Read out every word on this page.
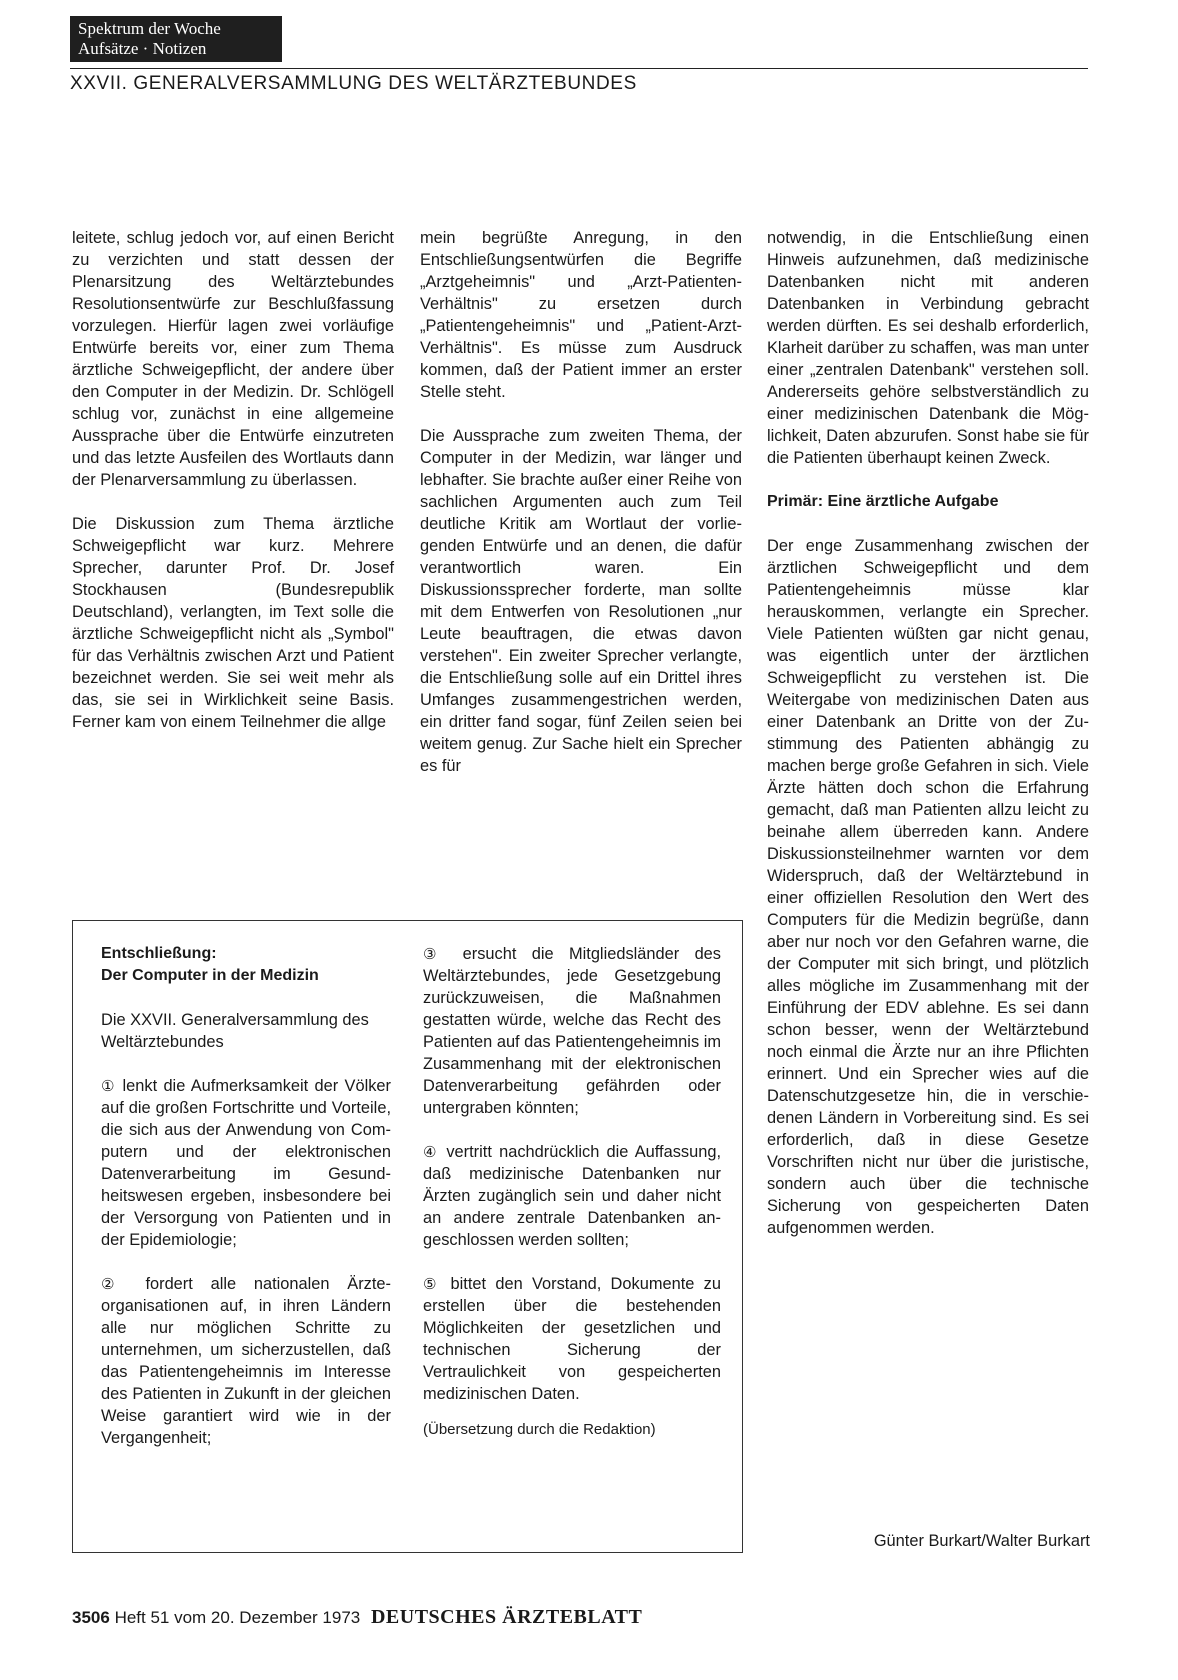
Spektrum der Woche
Aufsätze · Notizen
XXVII. GENERALVERSAMMLUNG DES WELTÄRZTEBUNDES

leitete, schlug jedoch vor, auf einen Bericht zu verzichten und statt dessen der Plenarsitzung des Weltärztebundes Resolutionsentwürfe zur Beschlußfassung vorzulegen. Hierfür lagen zwei vorläufige Entwürfe bereits vor, einer zum Thema ärztliche Schweigepflicht, der andere über den Computer in der Medizin. Dr. Schlögell schlug vor, zunächst in eine allgemeine Aussprache über die Entwürfe einzutreten und das letzte Ausfeilen des Wortlauts dann der Plenarversammlung zu überlassen.

Die Diskussion zum Thema ärztliche Schweigepflicht war kurz. Mehrere Sprecher, darunter Prof. Dr. Josef Stockhausen (Bundesrepublik Deutschland), verlangten, im Text solle die ärztliche Schweigepflicht nicht als „Symbol" für das Verhältnis zwischen Arzt und Patient bezeichnet werden. Sie sei weit mehr als das, sie sei in Wirklichkeit seine Basis. Ferner kam von einem Teilnehmer die allge

mein begrüßte Anregung, in den Entschließungsentwürfen die Begriffe „Arztgeheimnis" und „Arzt-Patienten-Verhältnis" zu ersetzen durch „Patientengeheimnis" und „Patient-Arzt-Verhältnis". Es müsse zum Ausdruck kommen, daß der Patient immer an erster Stelle steht.

Die Aussprache zum zweiten Thema, der Computer in der Medizin, war länger und lebhafter. Sie brachte außer einer Reihe von sachlichen Argumenten auch zum Teil deutliche Kritik am Wortlaut der vorliegenden Entwürfe und an denen, die dafür verantwortlich waren. Ein Diskussionssprecher forderte, man sollte mit dem Entwerfen von Resolutionen „nur Leute beauftragen, die etwas davon verstehen". Ein zweiter Sprecher verlangte, die Entschließung solle auf ein Drittel ihres Umfanges zusammengestrichen werden, ein dritter fand sogar, fünf Zeilen seien bei weitem genug. Zur Sache hielt ein Sprecher es für

notwendig, in die Entschließung einen Hinweis aufzunehmen, daß medizinische Datenbanken nicht mit anderen Datenbanken in Verbindung gebracht werden dürften. Es sei deshalb erforderlich, Klarheit darüber zu schaffen, was man unter einer „zentralen Datenbank" verstehen soll. Andererseits gehöre selbstverständlich zu einer medizinischen Datenbank die Möglichkeit, Daten abzurufen. Sonst habe sie für die Patienten überhaupt keinen Zweck.

Primär: Eine ärztliche Aufgabe

Der enge Zusammenhang zwischen der ärztlichen Schweigepflicht und dem Patientengeheimnis müsse klar herauskommen, verlangte ein Sprecher. Viele Patienten wüßten gar nicht genau, was eigentlich unter der ärztlichen Schweigepflicht zu verstehen ist. Die Weitergabe von medizinischen Daten aus einer Datenbank an Dritte von der Zustimmung des Patienten abhängig zu machen berge große Gefahren in sich. Viele Ärzte hätten doch schon die Erfahrung gemacht, daß man Patienten allzu leicht zu beinahe allem überreden kann. Andere Diskussionsteilnehmer warnten vor dem Widerspruch, daß der Weltärztebund in einer offiziellen Resolution den Wert des Computers für die Medizin begrüße, dann aber nur noch vor den Gefahren warne, die der Computer mit sich bringt, und plötzlich alles mögliche im Zusammenhang mit der Einführung der EDV ablehne. Es sei dann schon besser, wenn der Weltärztebund noch einmal die Ärzte nur an ihre Pflichten erinnert. Und ein Sprecher wies auf die Datenschutzgesetze hin, die in verschiedenen Ländern in Vorbereitung sind. Es sei erforderlich, daß in diese Gesetze Vorschriften nicht nur über die juristische, sondern auch über die technische Sicherung von gespeicherten Daten aufgenommen werden.

Entschließung:
Der Computer in der Medizin

Die XXVII. Generalversammlung des Weltärztebundes

① lenkt die Aufmerksamkeit der Völker auf die großen Fortschritte und Vorteile, die sich aus der Anwendung von Computern und der elektronischen Datenverarbeitung im Gesundheitswesen ergeben, insbesondere bei der Versorgung von Patienten und in der Epidemiologie;

② fordert alle nationalen Ärzteorganisationen auf, in ihren Ländern alle nur möglichen Schritte zu unternehmen, um sicherzustellen, daß das Patientengeheimnis im Interesse des Patienten in Zukunft in der gleichen Weise garantiert wird wie in der Vergangenheit;

③ ersucht die Mitgliedsländer des Weltärztebundes, jede Gesetzgebung zurückzuweisen, die Maßnahmen gestatten würde, welche das Recht des Patienten auf das Patientengeheimnis im Zusammenhang mit der elektronischen Datenverarbeitung gefährden oder untergraben könnten;

④ vertritt nachdrücklich die Auffassung, daß medizinische Datenbanken nur Ärzten zugänglich sein und daher nicht an andere zentrale Datenbanken angeschlossen werden sollten;

⑤ bittet den Vorstand, Dokumente zu erstellen über die bestehenden Möglichkeiten der gesetzlichen und technischen Sicherung der Vertraulichkeit von gespeicherten medizinischen Daten.

(Übersetzung durch die Redaktion)

Günter Burkart/Walter Burkart
3506 Heft 51 vom 20. Dezember 1973 DEUTSCHES ÄRZTEBLATT
